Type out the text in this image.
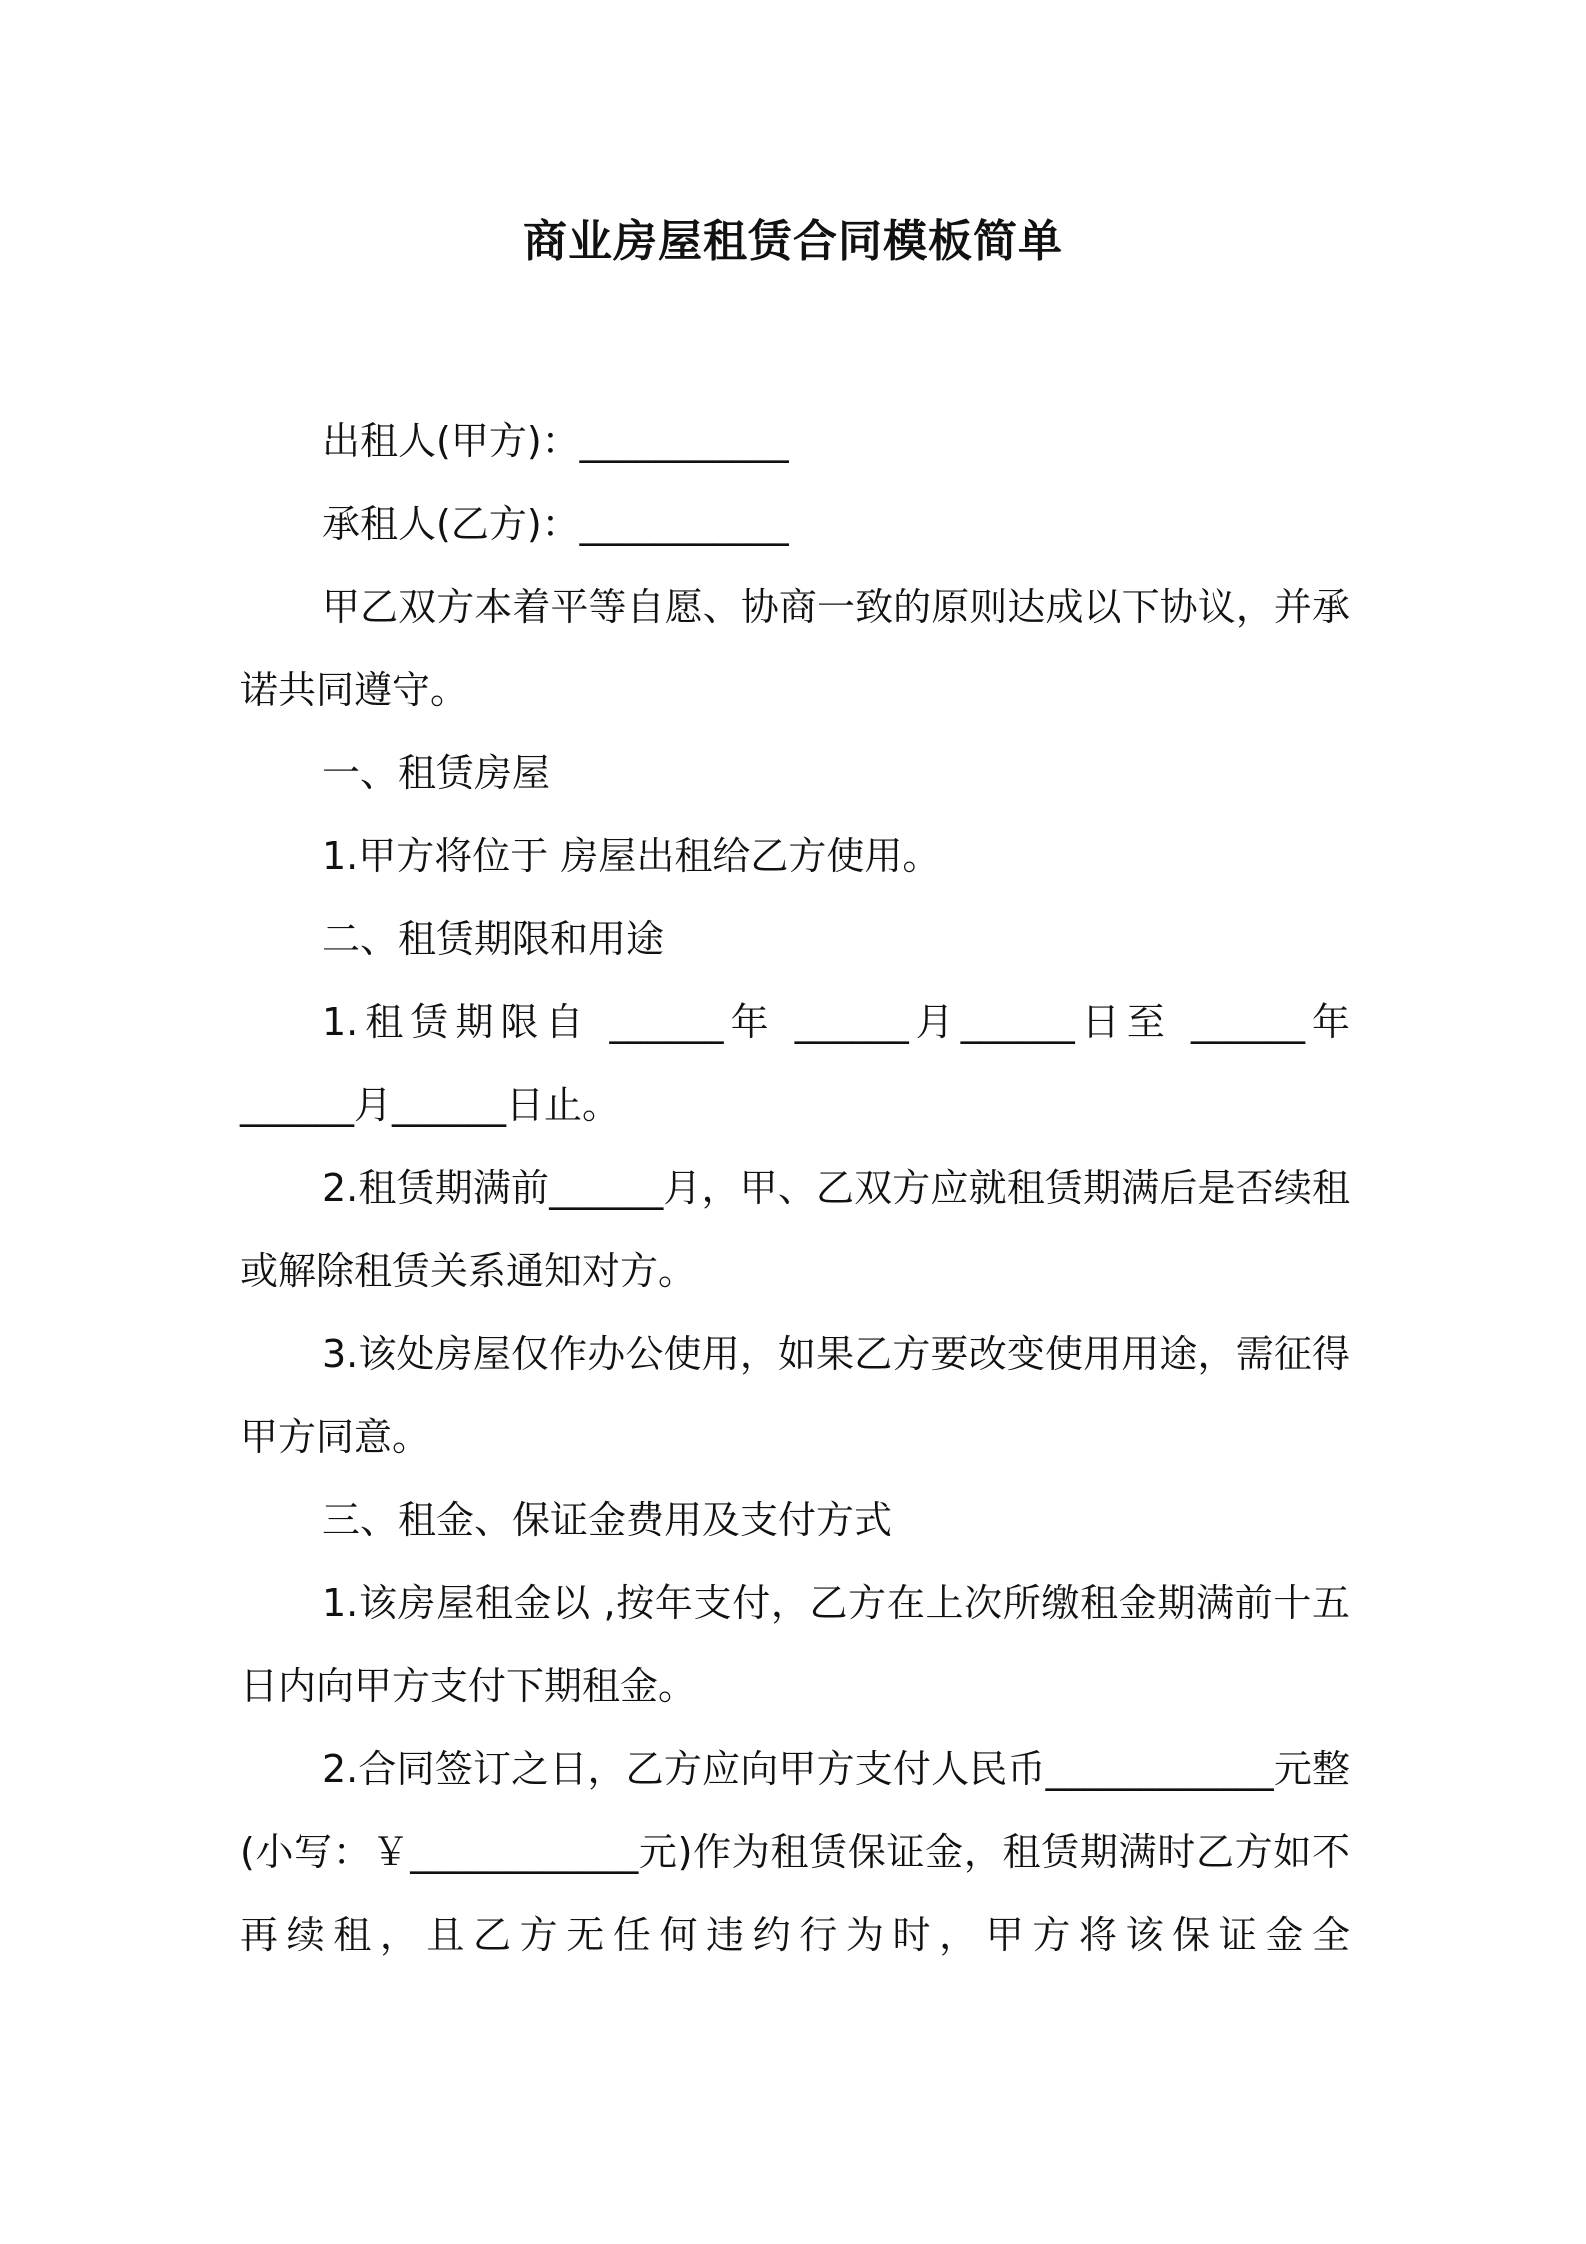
商业房屋租赁合同模板简单

出租人(甲方)：___________

承租人(乙方)：___________

甲乙双方本着平等自愿、协商一致的原则达成以下协议，并承诺共同遵守。

一、租赁房屋

1.甲方将位于 房屋出租给乙方使用。

二、租赁期限和用途

1.租赁期限自 ______年 ______月______日至 ______年 ______月______日止。

2.租赁期满前______月，甲、乙双方应就租赁期满后是否续租或解除租赁关系通知对方。

3.该处房屋仅作办公使用，如果乙方要改变使用用途，需征得甲方同意。

三、租金、保证金费用及支付方式

1.该房屋租金以 ,按年支付，乙方在上次所缴租金期满前十五日内向甲方支付下期租金。

2.合同签订之日，乙方应向甲方支付人民币____________元整(小写：￥____________元)作为租赁保证金，租赁期满时乙方如不再续租，且乙方无任何违约行为时，甲方将该保证金全
